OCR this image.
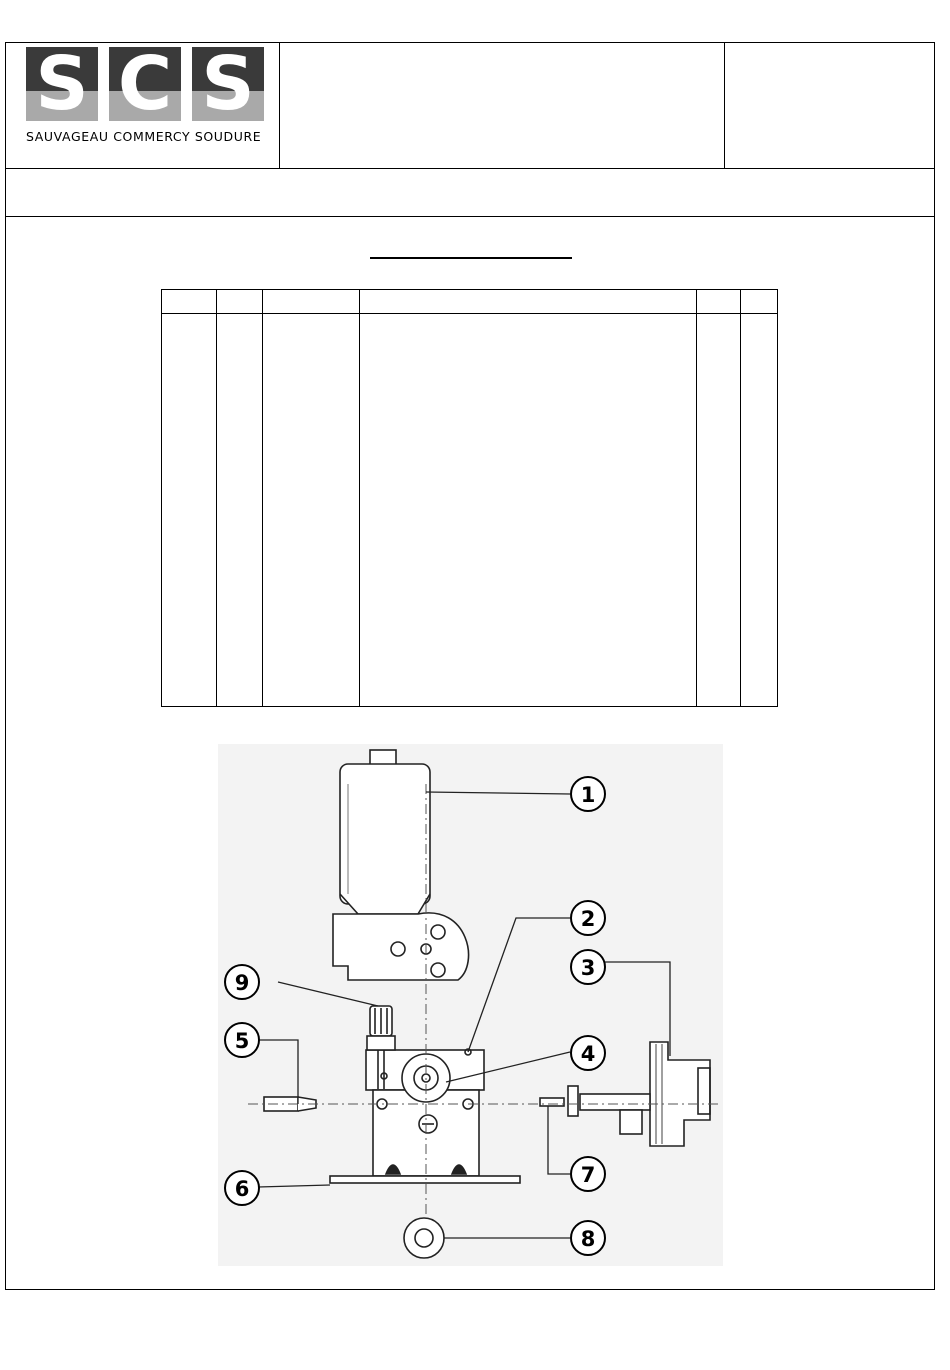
S C S
SAUVAGEAU COMMERCY SOUDURE

1
2
3
4
5
6
7
8
9
